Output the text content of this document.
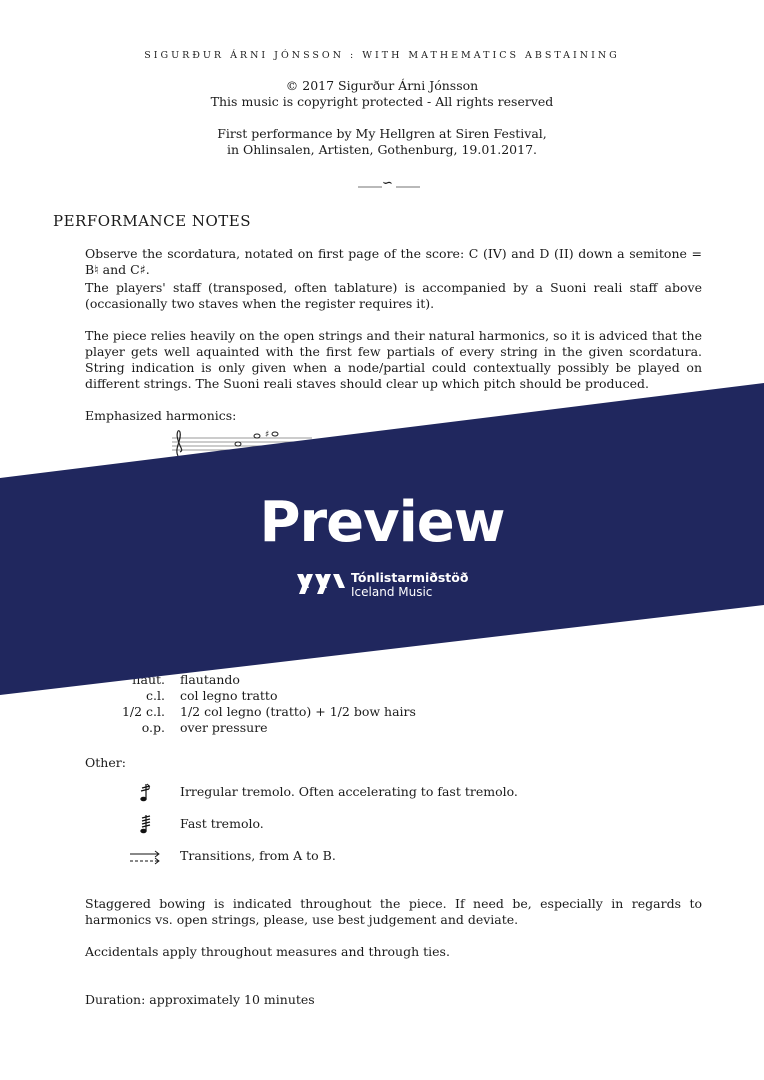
SIGURÐUR ÁRNI JÓNSSON : WITH MATHEMATICS ABSTAINING
© 2017 Sigurður Árni Jónsson
This music is copyright protected - All rights reserved
First performance by My Hellgren at Siren Festival,
in Ohlinsalen, Artisten, Gothenburg, 19.01.2017.
∽
PERFORMANCE NOTES
Observe the scordatura, notated on first page of the score: C (IV) and D (II) down a semitone = B♮ and C♯.
The players' staff (transposed, often tablature) is accompanied by a Suoni reali staff above (occasionally two staves when the register requires it).
The piece relies heavily on the open strings and their natural harmonics, so it is adviced that the player gets well aquainted with the first few partials of every string in the given scordatura. String indication is only given when a node/partial could contextually possibly be played on different strings. The Suoni reali staves should clear up which pitch should be produced.
Emphasized harmonics:
♯
flaut. flautando
c.l. col legno tratto
1/2 c.l. 1/2 col legno (tratto) + 1/2 bow hairs
o.p. over pressure
Other:
Irregular tremolo. Often accelerating to fast tremolo.
Fast tremolo.
Transitions, from A to B.
Staggered bowing is indicated throughout the piece. If need be, especially in regards to harmonics vs. open strings, please, use best judgement and deviate.
Accidentals apply throughout measures and through ties.
Duration: approximately 10 minutes
Preview
Tónlistarmiðstöð
Iceland Music
